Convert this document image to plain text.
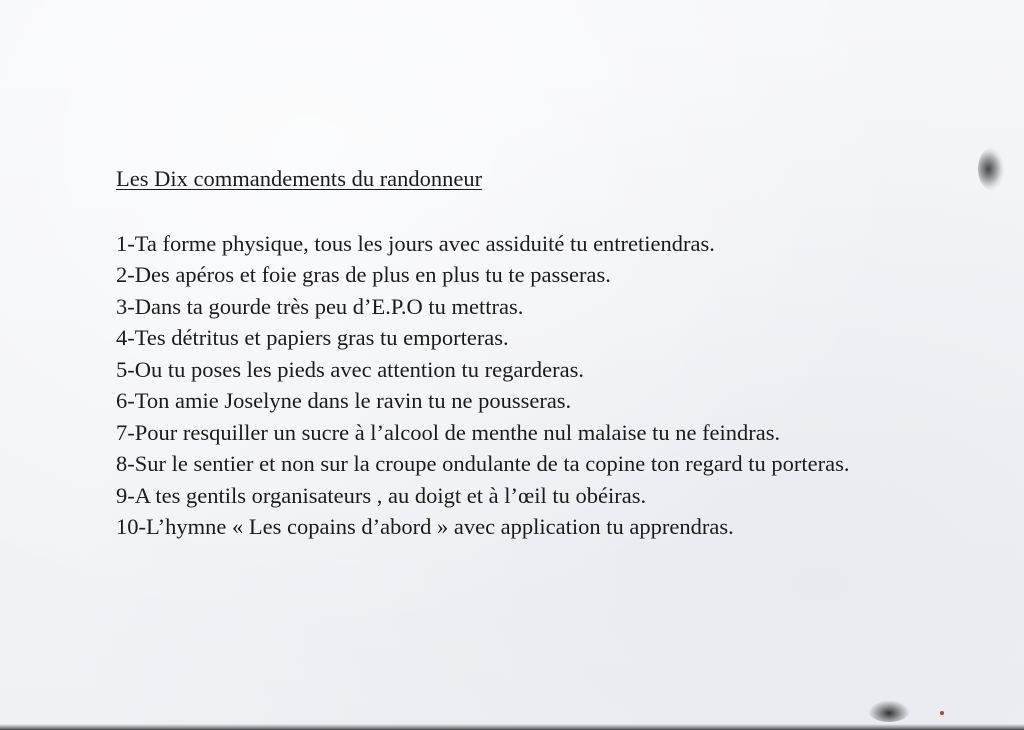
Les Dix commandements du randonneur
1-Ta forme physique, tous les jours avec assiduité tu entretiendras.
2-Des apéros et foie gras de plus en plus tu te passeras.
3-Dans ta gourde très peu d’E.P.O tu mettras.
4-Tes détritus et papiers gras tu emporteras.
5-Ou tu poses les pieds avec attention tu regarderas.
6-Ton amie Joselyne dans le ravin tu ne pousseras.
7-Pour resquiller un sucre à l’alcool de menthe nul malaise tu ne feindras.
8-Sur le sentier et non sur la croupe ondulante de ta copine ton regard tu porteras.
9-A tes gentils organisateurs , au doigt et à l’œil tu obéiras.
10-L’hymne « Les copains d’abord » avec application tu apprendras.
